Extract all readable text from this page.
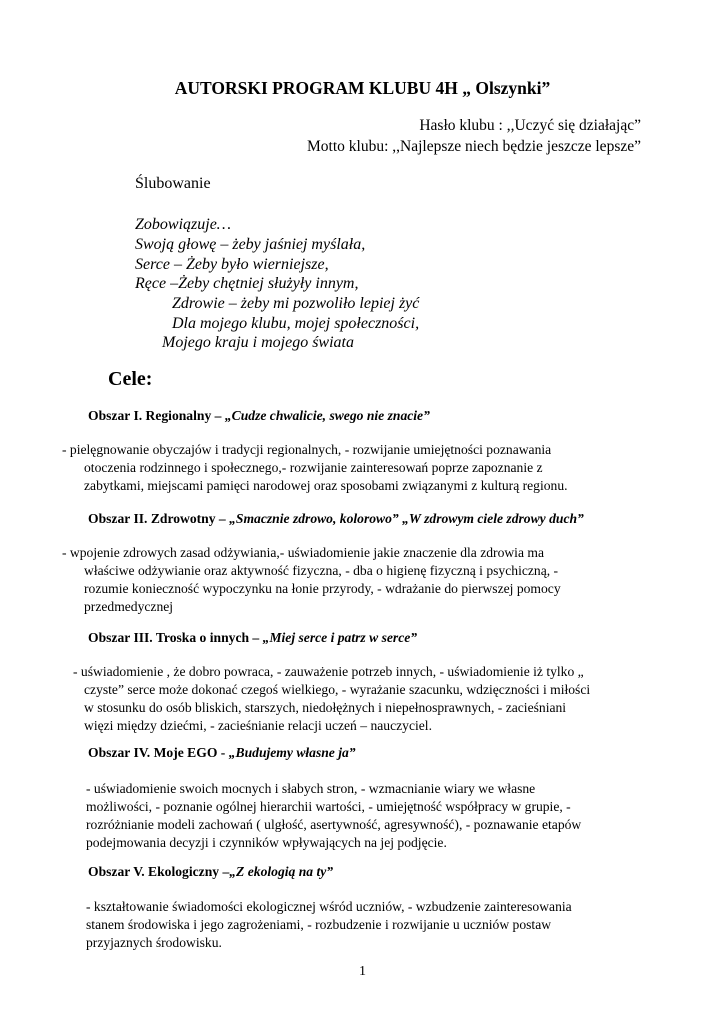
AUTORSKI PROGRAM KLUBU 4H „ Olszynki”
Hasło klubu : ,,Uczyć się działając”
Motto klubu: ,,Najlepsze niech będzie jeszcze lepsze”
Ślubowanie
Zobowiązuje…
Swoją głowę – żeby jaśniej myślała,
Serce – Żeby było wierniejsze,
Ręce –Żeby chętniej służyły innym,
Zdrowie – żeby mi pozwoliło lepiej żyć
Dla mojego klubu, mojej społeczności,
Mojego kraju i mojego świata
Cele:
Obszar I. Regionalny – „Cudze chwalicie, swego nie znacie”
- pielęgnowanie obyczajów i tradycji regionalnych, - rozwijanie umiejętności poznawania
otoczenia rodzinnego i społecznego,- rozwijanie zainteresowań poprze zapoznanie z
zabytkami, miejscami pamięci narodowej oraz sposobami związanymi z kulturą regionu.
Obszar II. Zdrowotny – „Smacznie zdrowo, kolorowo” „W zdrowym ciele zdrowy duch”
- wpojenie zdrowych zasad odżywiania,- uświadomienie jakie znaczenie dla zdrowia ma
właściwe odżywianie oraz aktywność fizyczna, - dba o higienę fizyczną i psychiczną, -
rozumie konieczność wypoczynku na łonie przyrody, - wdrażanie do pierwszej pomocy
przedmedycznej
Obszar III. Troska o innych – „Miej serce i patrz w serce”
- uświadomienie , że dobro powraca, - zauważenie potrzeb innych, - uświadomienie iż tylko „
czyste” serce może dokonać czegoś wielkiego, - wyrażanie szacunku, wdzięczności i miłości
w stosunku do osób bliskich, starszych, niedołężnych i niepełnosprawnych, - zacieśniani
więzi między dziećmi, - zacieśnianie relacji uczeń – nauczyciel.
Obszar IV. Moje EGO - „Budujemy własne ja”
- uświadomienie swoich mocnych i słabych stron, - wzmacnianie wiary we własne
możliwości, - poznanie ogólnej hierarchii wartości, - umiejętność współpracy w grupie, -
rozróżnianie modeli zachowań ( ulgłość, asertywność, agresywność), - poznawanie etapów
podejmowania decyzji i czynników wpływających na jej podjęcie.
Obszar V. Ekologiczny –„Z ekologią na ty”
- kształtowanie świadomości ekologicznej wśród uczniów, - wzbudzenie zainteresowania
stanem środowiska i jego zagrożeniami, - rozbudzenie i rozwijanie u uczniów postaw
przyjaznych środowisku.
1
